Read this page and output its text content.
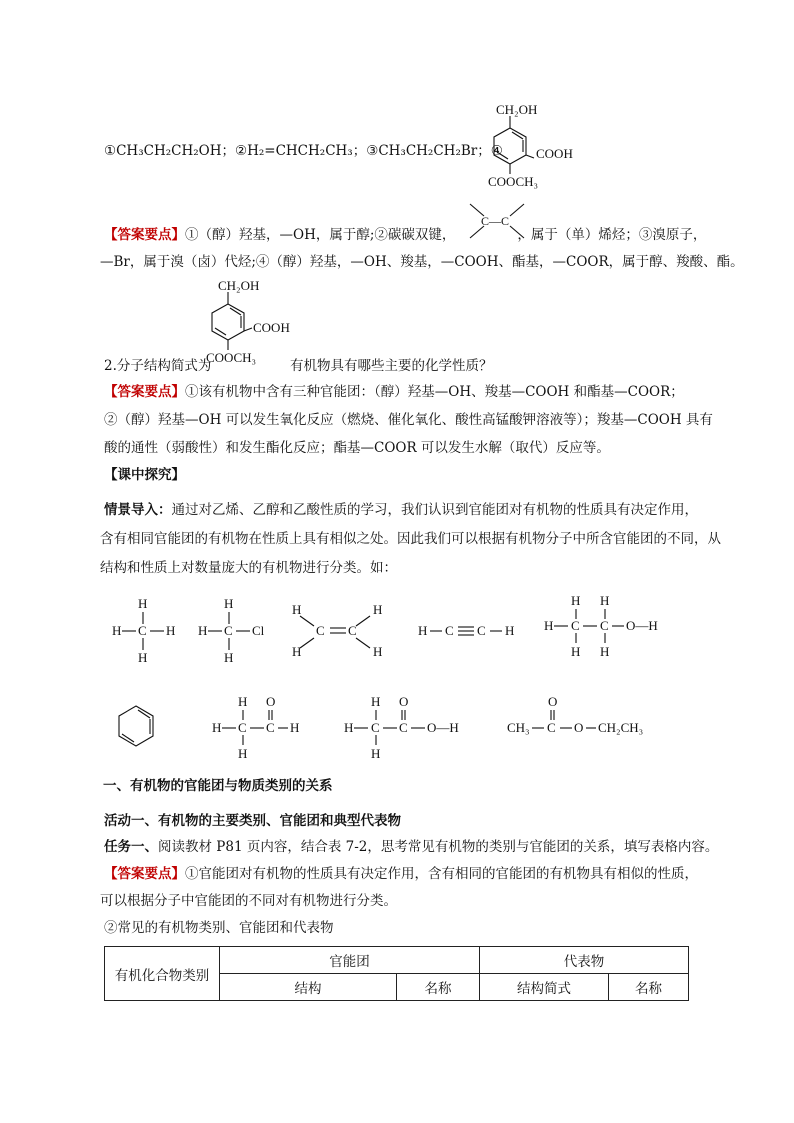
①CH₃CH₂CH₂OH；②H₂=CHCH₂CH₃；③CH₃CH₂CH₂Br；④
CH₂OH
COOH
COOCH₃
【答案要点】①（醇）羟基，—OH，属于醇;②碳碳双键，	，属于（单）烯烃；③溴原子，
C—C
—Br，属于溴（卤）代烃;④（醇）羟基，—OH、羧基，—COOH、酯基，—COOR，属于醇、羧酸、酯。
CH₂OH
COOH
COOCH₃
2.分子结构简式为	有机物具有哪些主要的化学性质？
【答案要点】①该有机物中含有三种官能团：（醇）羟基—OH、羧基—COOH 和酯基—COOR；
②（醇）羟基—OH 可以发生氧化反应（燃烧、催化氧化、酸性高锰酸钾溶液等）；羧基—COOH 具有
酸的通性（弱酸性）和发生酯化反应；酯基—COOR 可以发生水解（取代）反应等。
【课中探究】
情景导入：通过对乙烯、乙醇和乙酸性质的学习，我们认识到官能团对有机物的性质具有决定作用，
含有相同官能团的有机物在性质上具有相似之处。因此我们可以根据有机物分子中所含官能团的不同，从
结构和性质上对数量庞大的有机物进行分类。如：
H
H C H
H
H
H C Cl
H
H	H
C C
H	H
H C C H
H H
H C C O—H
H H
H O
H C C H
H
H O
H C C O—H
H
O
CH₃ C O CH₂CH₃
一、有机物的官能团与物质类别的关系
活动一、有机物的主要类别、官能团和典型代表物
任务一、阅读教材 P81 页内容，结合表 7-2，思考常见有机物的类别与官能团的关系，填写表格内容。
【答案要点】①官能团对有机物的性质具有决定作用，含有相同的官能团的有机物具有相似的性质，
可以根据分子中官能团的不同对有机物进行分类。
②常见的有机物类别、官能团和代表物
有机化合物类别	官能团		代表物	
	结构	名称	结构简式	名称
